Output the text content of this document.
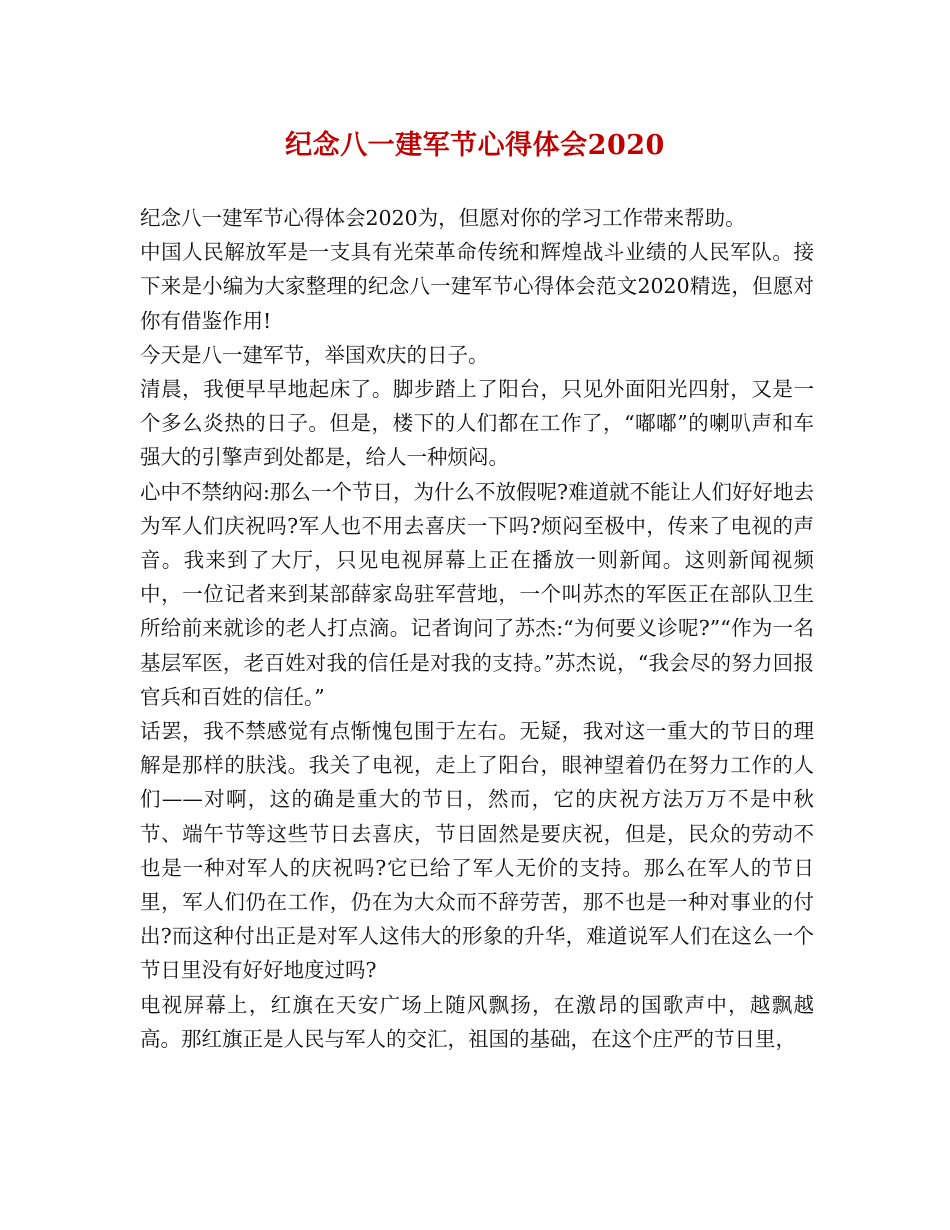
纪念八一建军节心得体会2020

纪念八一建军节心得体会2020为，但愿对你的学习工作带来帮助。

中国人民解放军是一支具有光荣革命传统和辉煌战斗业绩的人民军队。接下来是小编为大家整理的纪念八一建军节心得体会范文2020精选，但愿对你有借鉴作用!

今天是八一建军节，举国欢庆的日子。

清晨，我便早早地起床了。脚步踏上了阳台，只见外面阳光四射，又是一个多么炎热的日子。但是，楼下的人们都在工作了，“嘟嘟”的喇叭声和车强大的引擎声到处都是，给人一种烦闷。

心中不禁纳闷:那么一个节日，为什么不放假呢?难道就不能让人们好好地去为军人们庆祝吗?军人也不用去喜庆一下吗?烦闷至极中，传来了电视的声音。我来到了大厅，只见电视屏幕上正在播放一则新闻。这则新闻视频中，一位记者来到某部薛家岛驻军营地，一个叫苏杰的军医正在部队卫生所给前来就诊的老人打点滴。记者询问了苏杰:“为何要义诊呢?”“作为一名基层军医，老百姓对我的信任是对我的支持。”苏杰说，“我会尽的努力回报官兵和百姓的信任。”

话罢，我不禁感觉有点惭愧包围于左右。无疑，我对这一重大的节日的理解是那样的肤浅。我关了电视，走上了阳台，眼神望着仍在努力工作的人们——对啊，这的确是重大的节日，然而，它的庆祝方法万万不是中秋节、端午节等这些节日去喜庆，节日固然是要庆祝，但是，民众的劳动不也是一种对军人的庆祝吗?它已给了军人无价的支持。那么在军人的节日里，军人们仍在工作，仍在为大众而不辞劳苦，那不也是一种对事业的付出?而这种付出正是对军人这伟大的形象的升华，难道说军人们在这么一个节日里没有好好地度过吗?

电视屏幕上，红旗在天安广场上随风飘扬，在激昂的国歌声中，越飘越高。那红旗正是人民与军人的交汇，祖国的基础，在这个庄严的节日里，
